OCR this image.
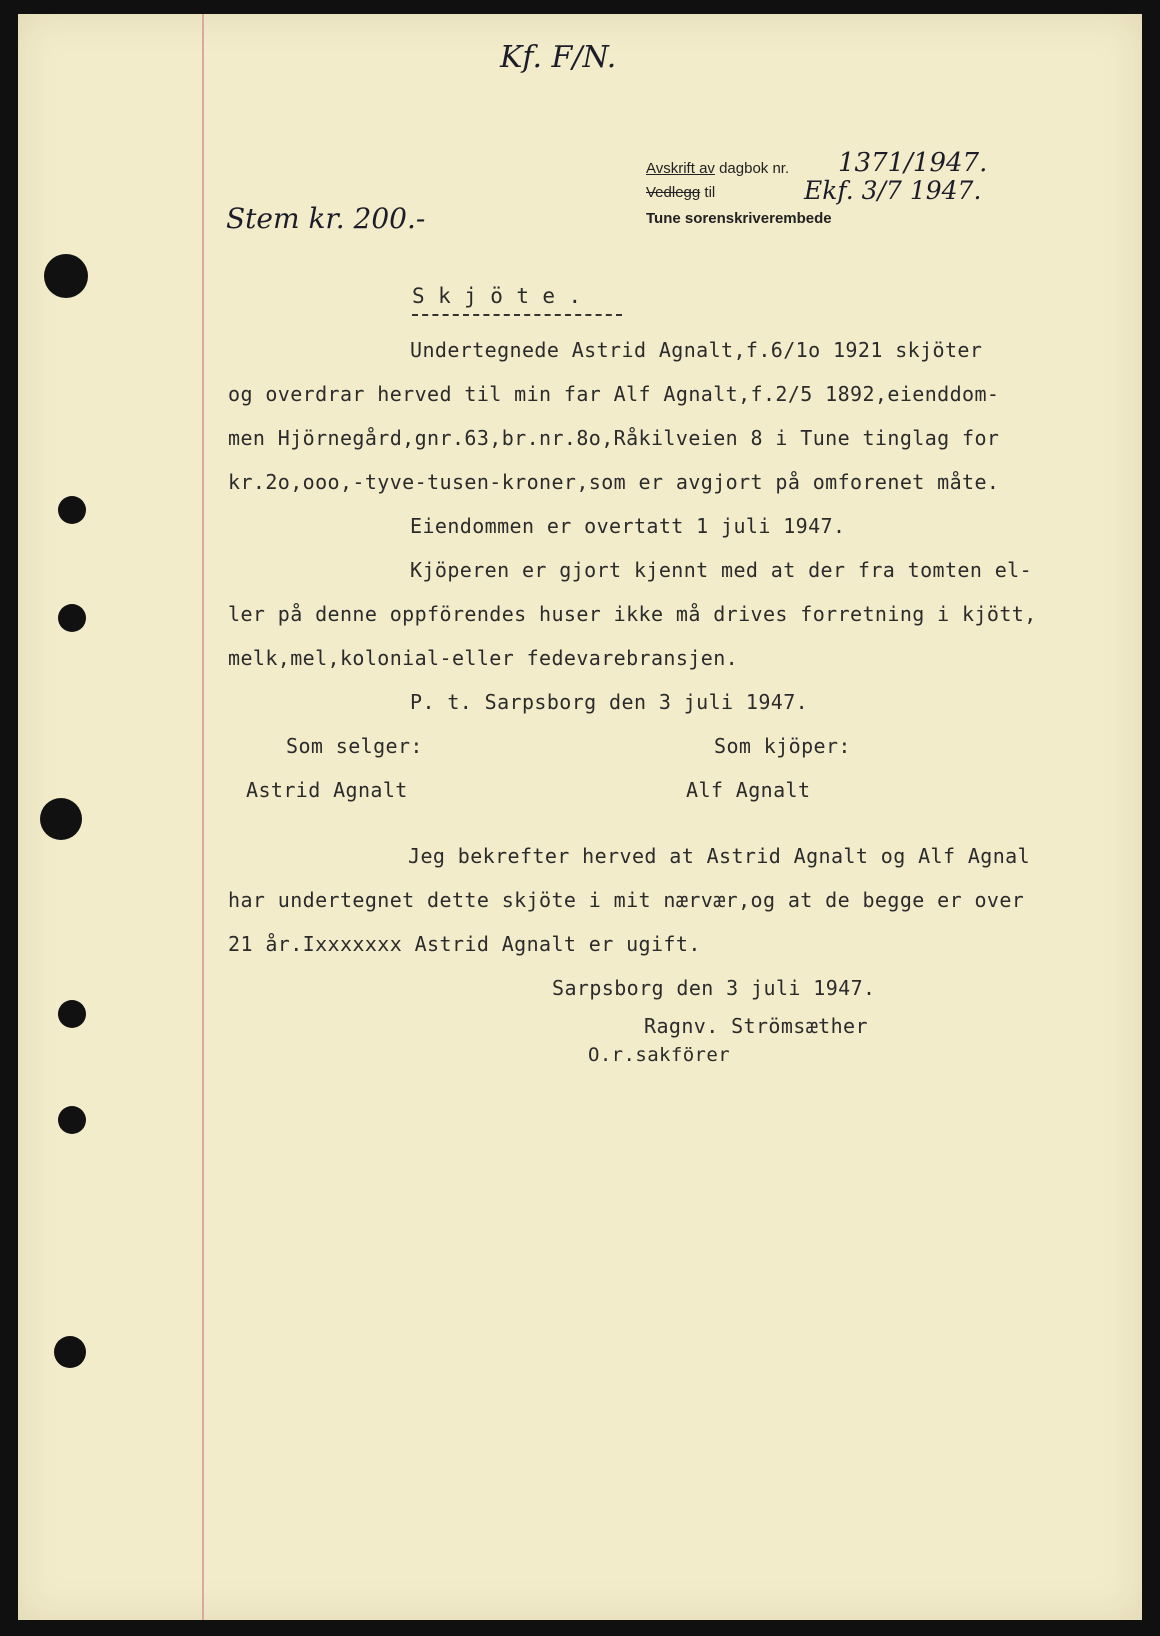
Kf. F/N.
Avskrift av dagbok nr. 1371/1947.
Vedlegg til	Ekf. 3/7 1947.
Tune sorenskriverembede
Stem kr. 200.-
S k j ö t e .
Undertegnede Astrid Agnalt,f.6/1o 1921 skjöter
og overdrar herved til min far Alf Agnalt,f.2/5 1892,eienddom-
men Hjörnegård,gnr.63,br.nr.8o,Råkilveien 8 i Tune tinglag for
kr.2o,ooo,-tyve-tusen-kroner,som er avgjort på omforenet måte.
Eiendommen er overtatt 1 juli 1947.
Kjöperen er gjort kjennt med at der fra tomten el-
ler på denne oppförendes huser ikke må drives forretning i kjött,
melk,mel,kolonial-eller fedevarebransjen.
P. t. Sarpsborg den 3 juli 1947.
Som selger:	Som kjöper:
Astrid Agnalt	Alf Agnalt
Jeg bekrefter herved at Astrid Agnalt og Alf Agnal
har undertegnet dette skjöte i mit nærvær,og at de begge er over
21 år.Ixxxxxxx Astrid Agnalt er ugift.
Sarpsborg den 3 juli 1947.
Ragnv. Strömsæther
O.r.sakförer
